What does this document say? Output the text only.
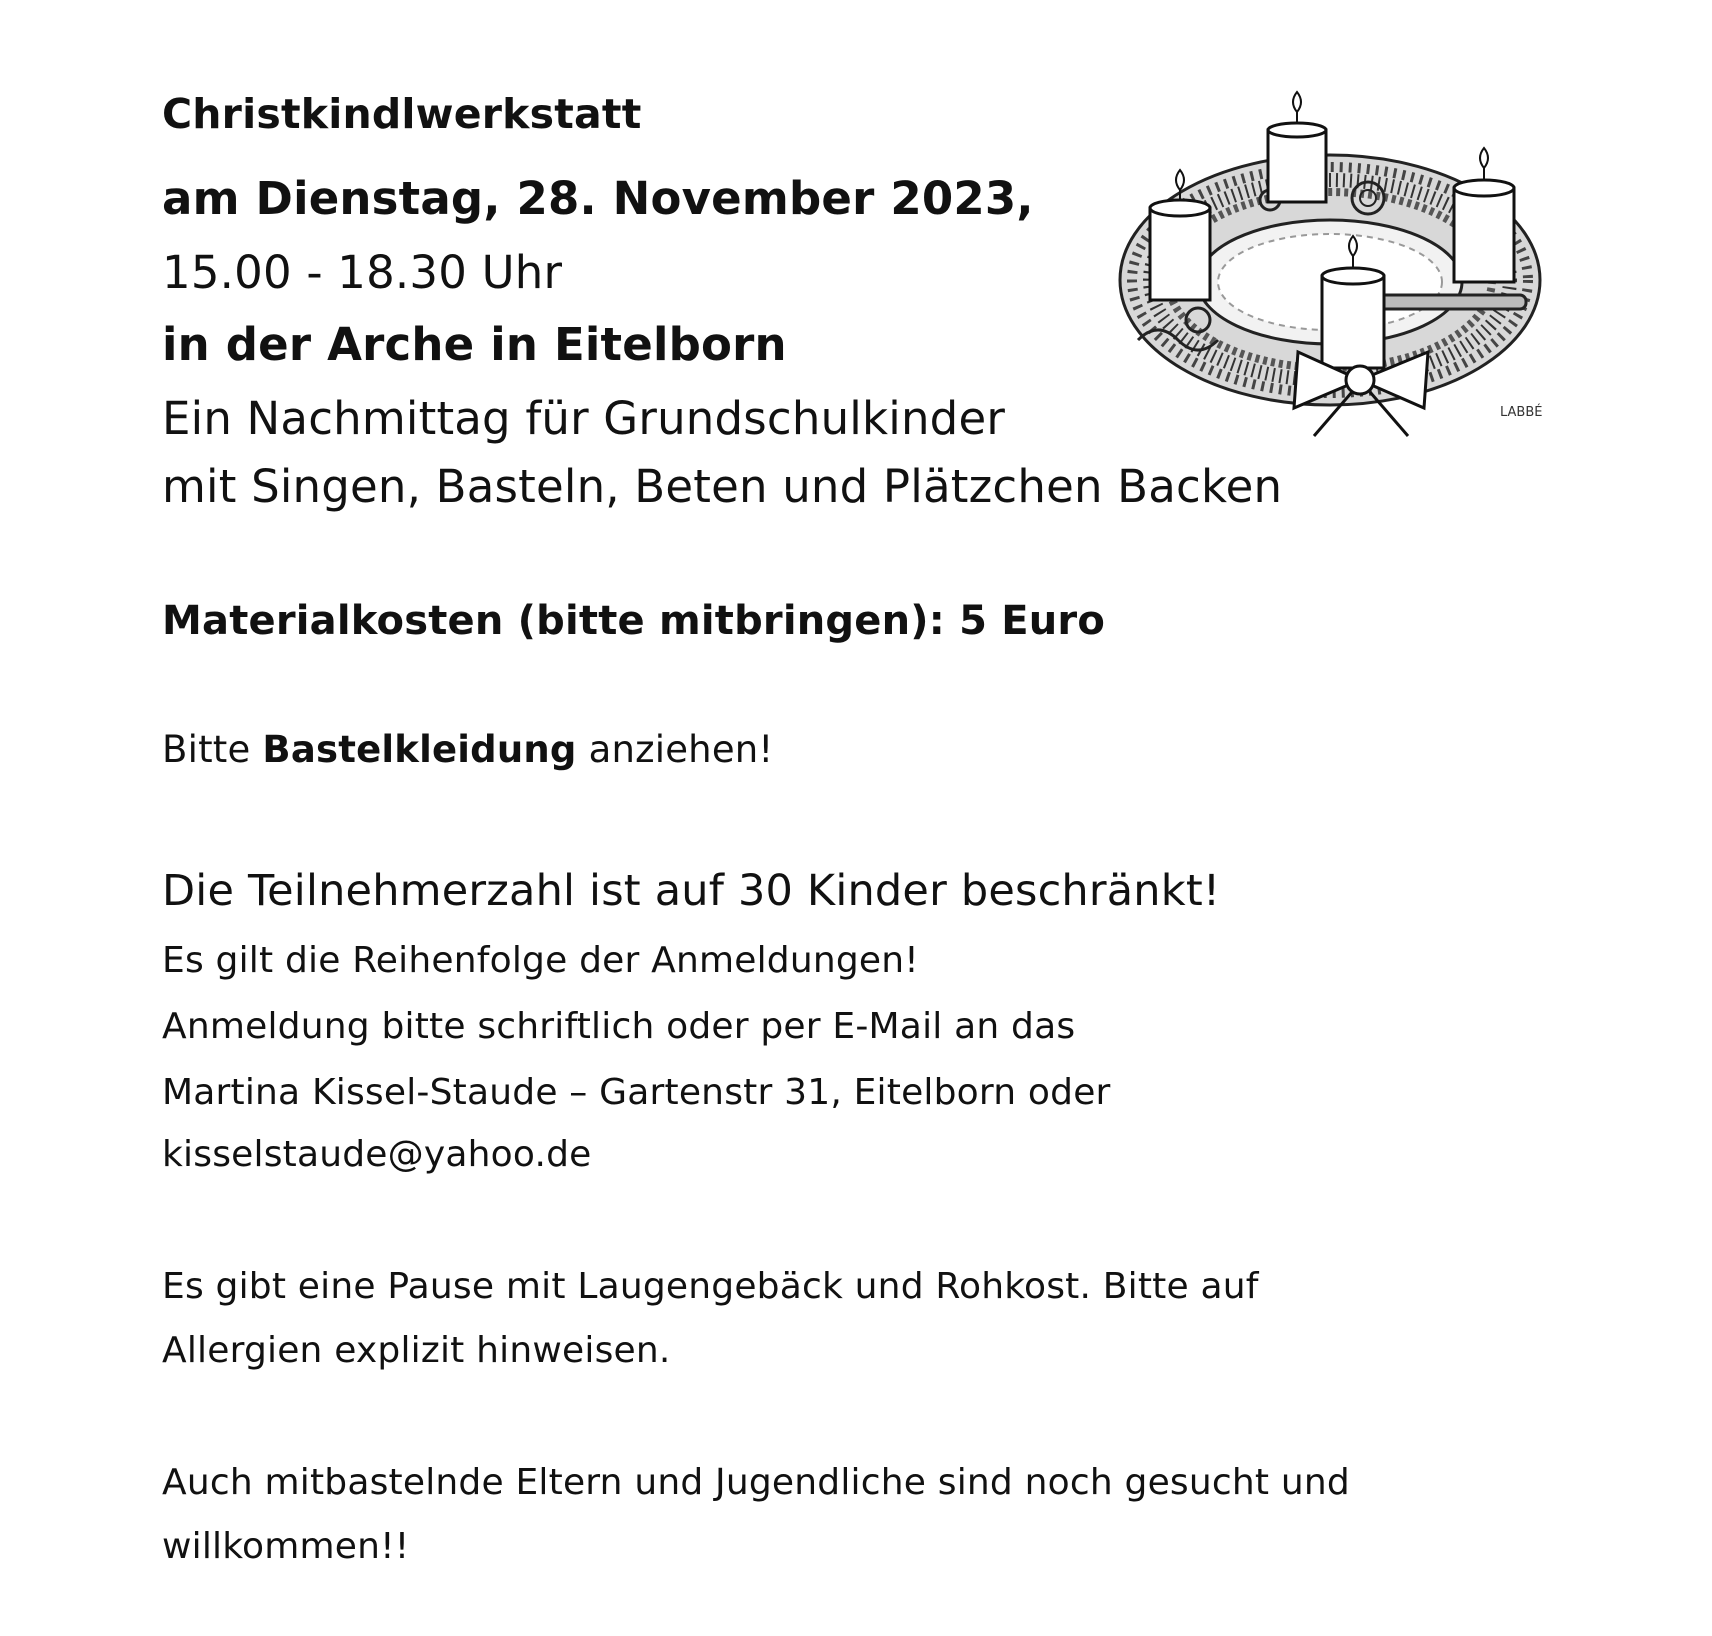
Christkindlwerkstatt
am Dienstag, 28. November 2023,
15.00 - 18.30 Uhr
in der Arche in Eitelborn
Ein Nachmittag für Grundschulkinder
mit Singen, Basteln, Beten und Plätzchen Backen
Materialkosten (bitte mitbringen): 5 Euro
Bitte Bastelkleidung anziehen!
Die Teilnehmerzahl ist auf 30 Kinder beschränkt!
Es gilt die Reihenfolge der Anmeldungen!
Anmeldung bitte schriftlich oder per E-Mail an das
Martina Kissel-Staude – Gartenstr 31, Eitelborn oder
kisselstaude@yahoo.de
Es gibt eine Pause mit Laugengebäck und Rohkost. Bitte auf
Allergien explizit hinweisen.
Auch mitbastelnde Eltern und Jugendliche sind noch gesucht und
willkommen!!
LABBÉ
